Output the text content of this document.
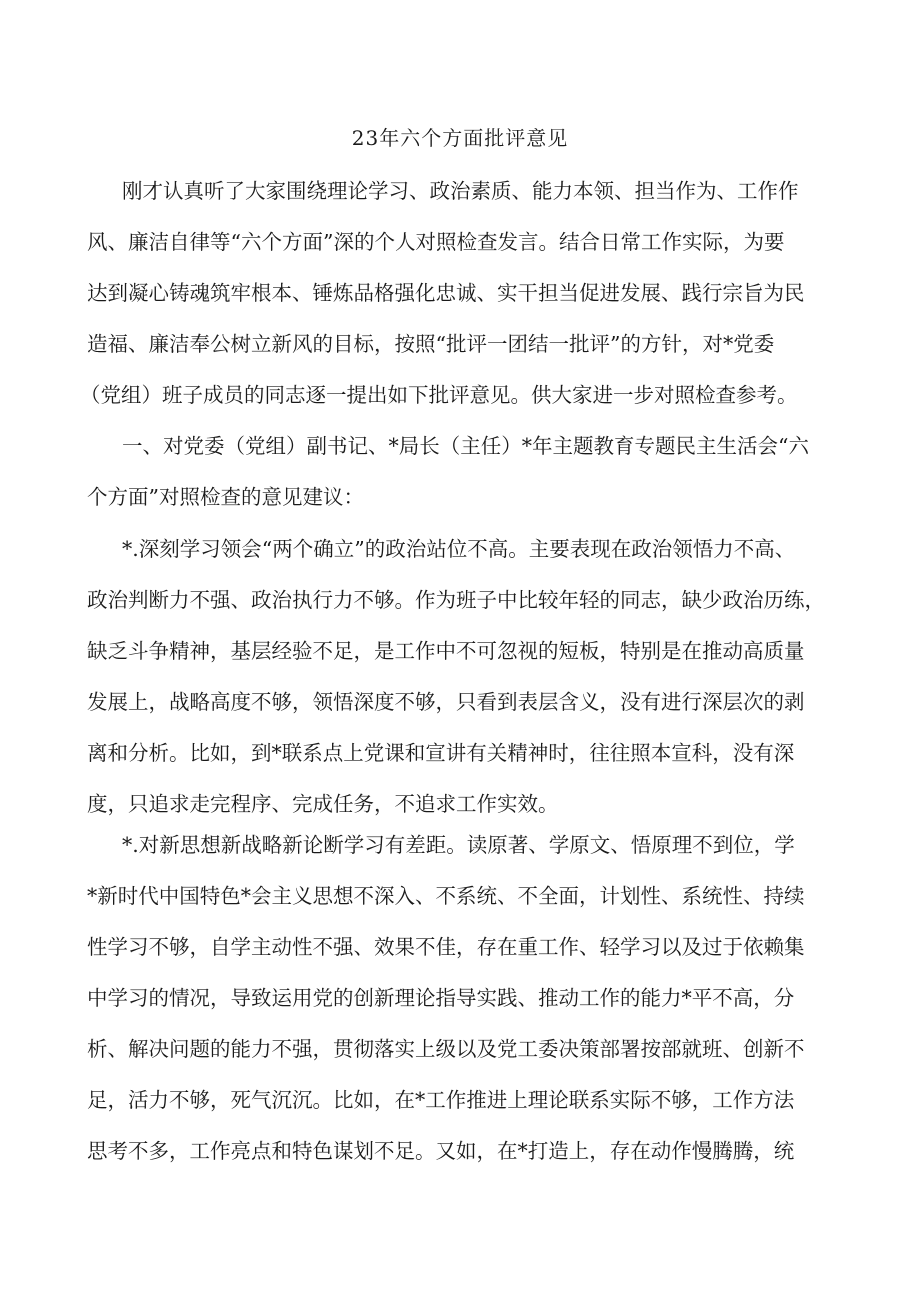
23年六个方面批评意见
刚才认真听了大家围绕理论学习、政治素质、能力本领、担当作为、工作作
风、廉洁自律等“六个方面”深的个人对照检查发言。结合日常工作实际，为要
达到凝心铸魂筑牢根本、锤炼品格强化忠诚、实干担当促进发展、践行宗旨为民
造福、廉洁奉公树立新风的目标，按照“批评一团结一批评”的方针，对*党委
（党组）班子成员的同志逐一提出如下批评意见。供大家进一步对照检查参考。
一、对党委（党组）副书记、*局长（主任）*年主题教育专题民主生活会“六
个方面”对照检查的意见建议：
*.深刻学习领会“两个确立”的政治站位不高。主要表现在政治领悟力不高、
政治判断力不强、政治执行力不够。作为班子中比较年轻的同志，缺少政治历练，
缺乏斗争精神，基层经验不足，是工作中不可忽视的短板，特别是在推动高质量
发展上，战略高度不够，领悟深度不够，只看到表层含义，没有进行深层次的剥
离和分析。比如，到*联系点上党课和宣讲有关精神时，往往照本宣科，没有深
度，只追求走完程序、完成任务，不追求工作实效。
*.对新思想新战略新论断学习有差距。读原著、学原文、悟原理不到位，学
*新时代中国特色*会主义思想不深入、不系统、不全面，计划性、系统性、持续
性学习不够，自学主动性不强、效果不佳，存在重工作、轻学习以及过于依赖集
中学习的情况，导致运用党的创新理论指导实践、推动工作的能力*平不高，分
析、解决问题的能力不强，贯彻落实上级以及党工委决策部署按部就班、创新不
足，活力不够，死气沉沉。比如，在*工作推进上理论联系实际不够，工作方法
思考不多，工作亮点和特色谋划不足。又如，在*打造上，存在动作慢腾腾，统
